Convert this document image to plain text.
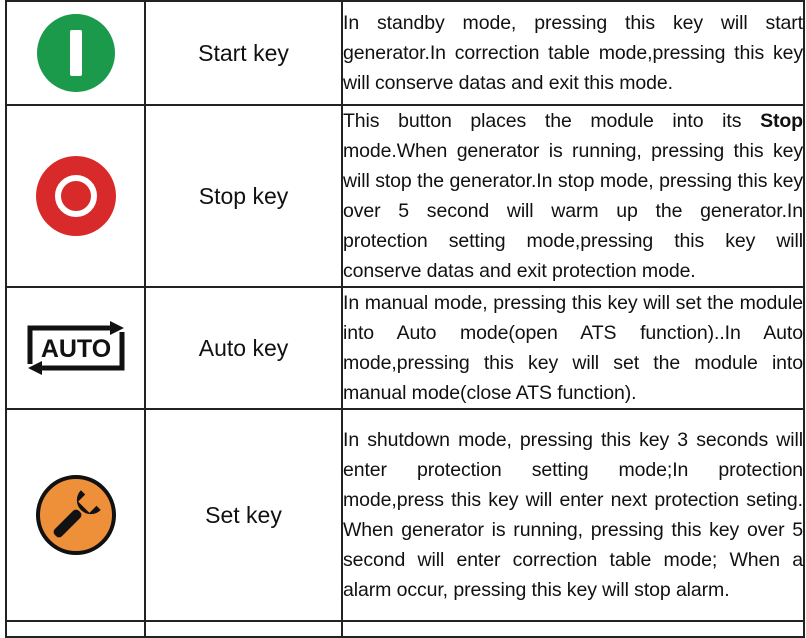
	Start key	In standby mode, pressing this key will start generator.In correction table mode,pressing this key will conserve datas and exit this mode.

	Stop key	This button places the module into its Stop mode.When generator is running, pressing this key will stop the generator.In stop mode, pressing this key over 5 second will warm up the generator.In protection setting mode,pressing this key will conserve datas and exit protection mode.

AUTO	Auto key	In manual mode, pressing this key will set the module into Auto mode(open ATS function)..In Auto mode,pressing this key will set the module into manual mode(close ATS function).

	Set key	In shutdown mode, pressing this key 3 seconds will enter protection setting mode;In protection mode,press this key will enter next protection seting. When generator is running, pressing this key over 5 second will enter correction table mode; When a alarm occur, pressing this key will stop alarm.
